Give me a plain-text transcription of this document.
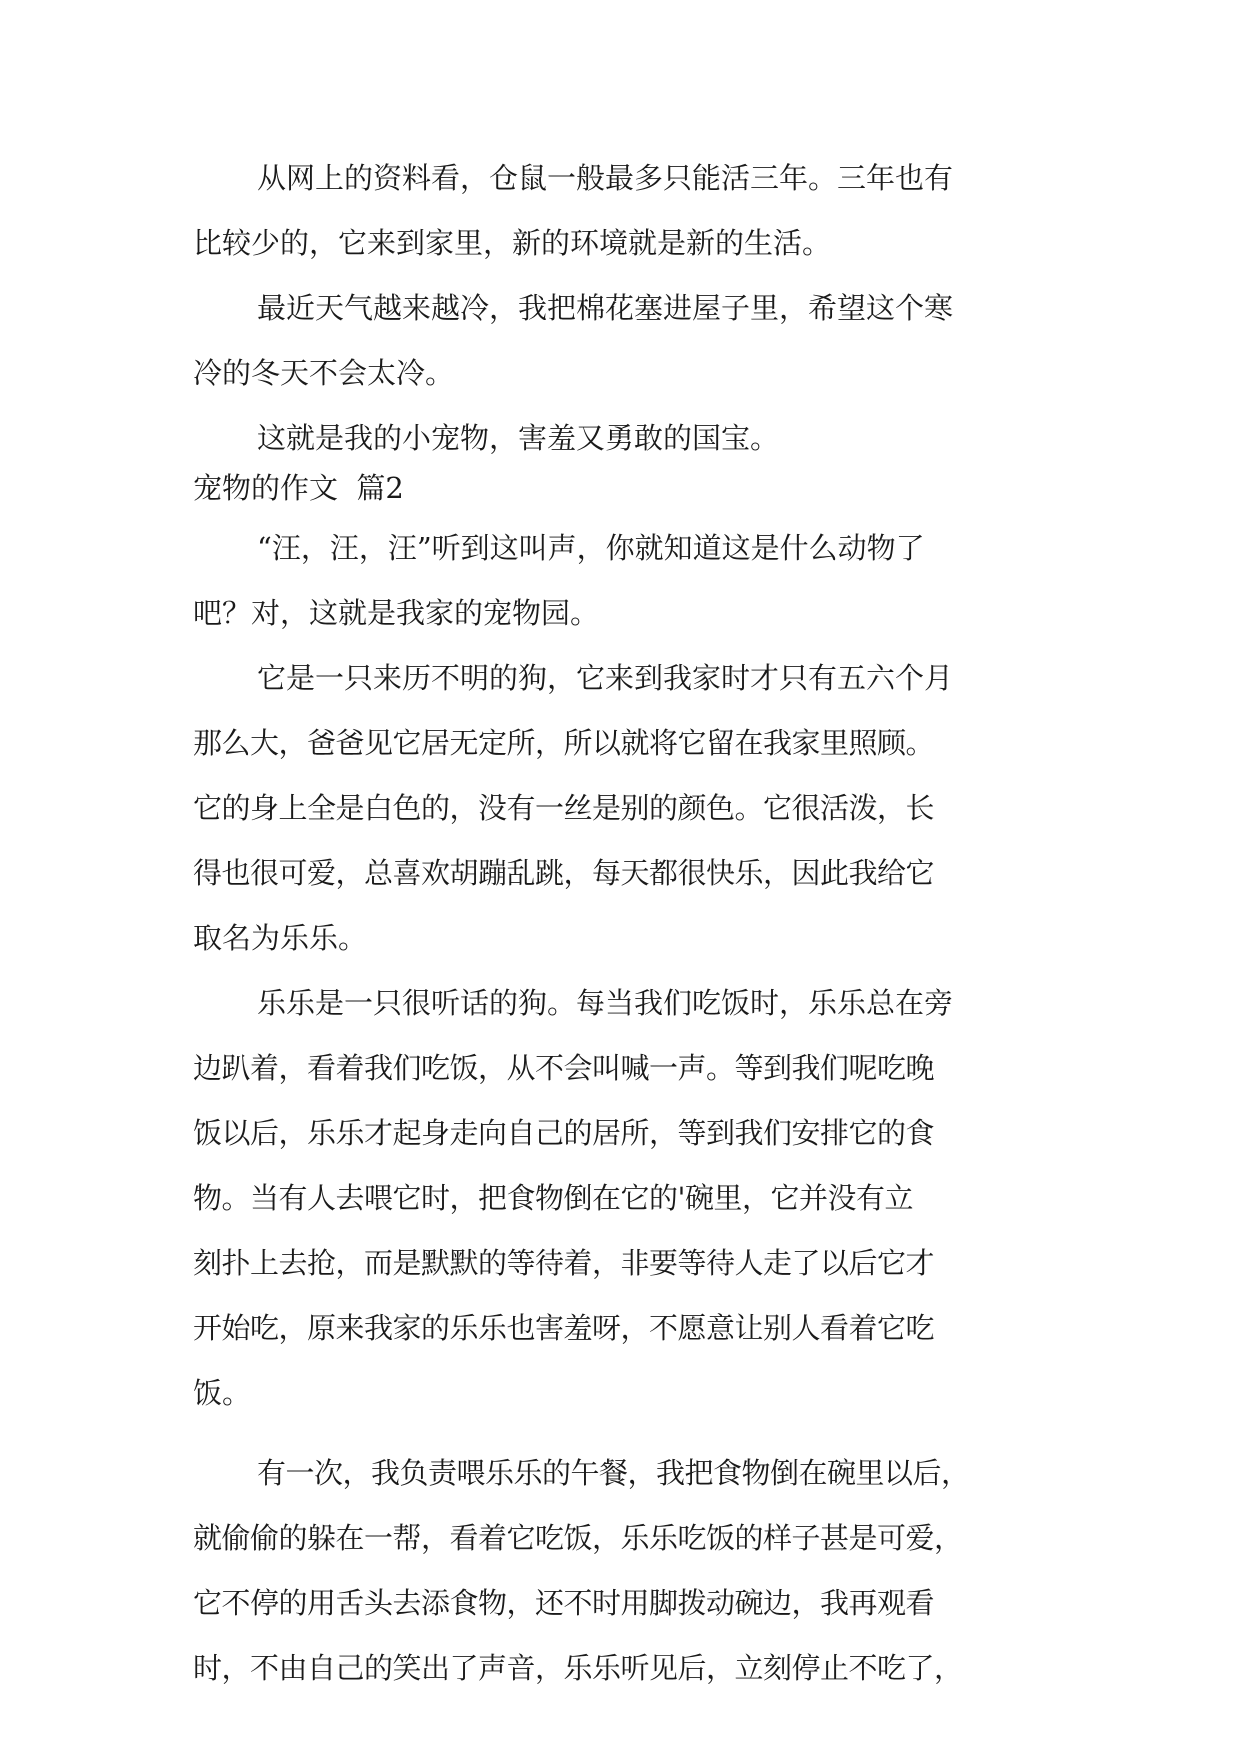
从网上的资料看，仓鼠一般最多只能活三年。三年也有
比较少的，它来到家里，新的环境就是新的生活。
最近天气越来越冷，我把棉花塞进屋子里，希望这个寒
冷的冬天不会太冷。
这就是我的小宠物，害羞又勇敢的国宝。
宠物的作文  篇2
“汪，汪，汪”听到这叫声，你就知道这是什么动物了
吧？对，这就是我家的宠物园。
它是一只来历不明的狗，它来到我家时才只有五六个月
那么大，爸爸见它居无定所，所以就将它留在我家里照顾。
它的身上全是白色的，没有一丝是别的颜色。它很活泼，长
得也很可爱，总喜欢胡蹦乱跳，每天都很快乐，因此我给它
取名为乐乐。
乐乐是一只很听话的狗。每当我们吃饭时，乐乐总在旁
边趴着，看着我们吃饭，从不会叫喊一声。等到我们呢吃晚
饭以后，乐乐才起身走向自己的居所，等到我们安排它的食
物。当有人去喂它时，把食物倒在它的'碗里，它并没有立
刻扑上去抢，而是默默的等待着，非要等待人走了以后它才
开始吃，原来我家的乐乐也害羞呀，不愿意让别人看着它吃
饭。
有一次，我负责喂乐乐的午餐，我把食物倒在碗里以后，
就偷偷的躲在一帮，看着它吃饭，乐乐吃饭的样子甚是可爱，
它不停的用舌头去添食物，还不时用脚拨动碗边，我再观看
时，不由自己的笑出了声音，乐乐听见后，立刻停止不吃了，
